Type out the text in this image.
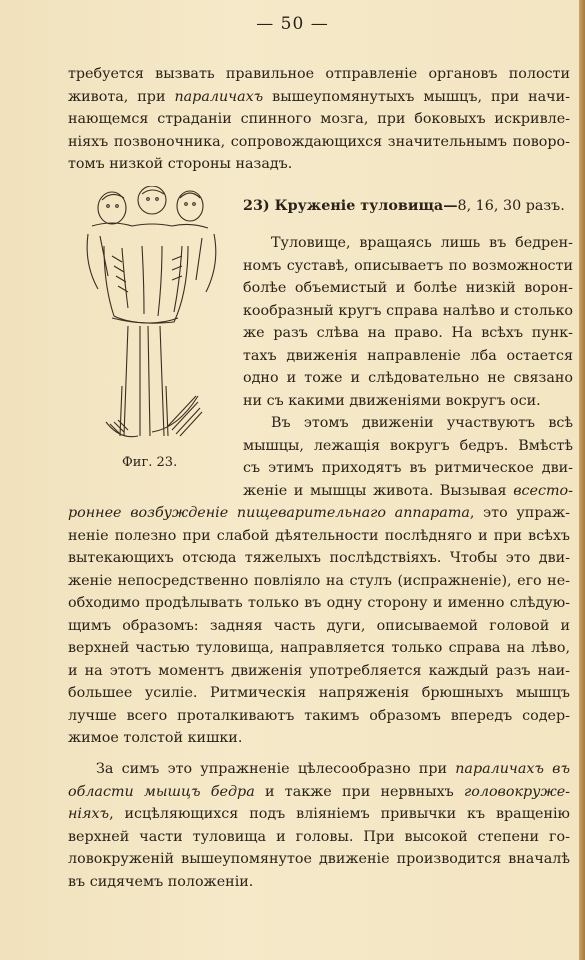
— 50 —
требуется вызвать правильное отправленіе органовъ полости
живота, при параличахъ вышеупомянутыхъ мышцъ, при начи-
нающемся страданіи спинного мозга, при боковыхъ искривле-
ніяхъ позвоночника, сопровождающихся значительнымъ поворо-
томъ низкой стороны назадъ.
Фиг. 23.
23) Круженіе туловища—8, 16, 30 разъ.
Туловище, вращаясь лишь въ бедрен-
номъ суставѣ, описываетъ по возможности
болѣе объемистый и болѣе низкій ворон-
кообразный кругъ справа налѣво и столько
же разъ слѣва на право. На всѣхъ пунк-
тахъ движенія направленіе лба остается
одно и тоже и слѣдовательно не связано
ни съ какими движеніями вокругъ оси.
Въ этомъ движеніи участвуютъ всѣ
мышцы, лежащія вокругъ бедръ. Вмѣстѣ
съ этимъ приходятъ въ ритмическое дви-
женіе и мышцы живота. Вызывая всесто-
роннее возбужденіе пищеварительнаго аппарата, это упраж-
неніе полезно при слабой дѣятельности послѣдняго и при всѣхъ
вытекающихъ отсюда тяжелыхъ послѣдствіяхъ. Чтобы это дви-
женіе непосредственно повліяло на стулъ (испражненіе), его не-
обходимо продѣлывать только въ одну сторону и именно слѣдую-
щимъ образомъ: задняя часть дуги, описываемой головой и
верхней частью туловища, направляется только справа на лѣво,
и на этотъ моментъ движенія употребляется каждый разъ наи-
большее усиліе. Ритмическія напряженія брюшныхъ мышцъ
лучше всего проталкиваютъ такимъ образомъ впередъ содер-
жимое толстой кишки.
За симъ это упражненіе цѣлесообразно при параличахъ въ
области мышцъ бедра и также при нервныхъ головокруже-
ніяхъ, исцѣляющихся подъ вліяніемъ привычки къ вращенію
верхней части туловища и головы. При высокой степени го-
ловокруженій вышеупомянутое движеніе производится вначалѣ
въ сидячемъ положеніи.
